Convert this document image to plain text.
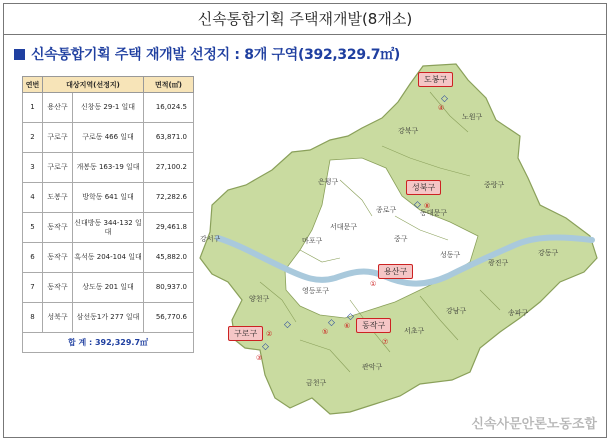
신속통합기획 주택재개발(8개소)
신속통합기획 주택 재개발 선정지 : 8개 구역(392,329.7㎡)
연번	대상지역(선정지)		면적(㎡)
1	용산구	신창동 29-1 일대	16,024.5
2	구로구	구로동 466 일대	63,871.0
3	구로구	개봉동 163-19 일대	27,100.2
4	도봉구	방학동 641 일대	72,282.6
5	동작구	신대방동 344-132 일대	29,461.8
6	동작구	흑석동 204-104 일대	45,882.0
7	동작구	상도동 201 일대	80,937.0
8	성북구	삼선동1가 277 일대	56,770.6
합 계 : 392,329.7㎡			
노원구
강북구
은평구	중랑구
종로구	동대문구
서대문구
강서구	마포구	중구
성동구
광진구
강동구
양천구
영등포구
송파구
서초구
강남구
금천구
관악구
도봉구
성북구
용산구
구로구
동작구
◇
④
◇ ⑧
①
◇
②
◇
③
◇
⑤
◇
⑥
⑦
신속사문안론노동조합
